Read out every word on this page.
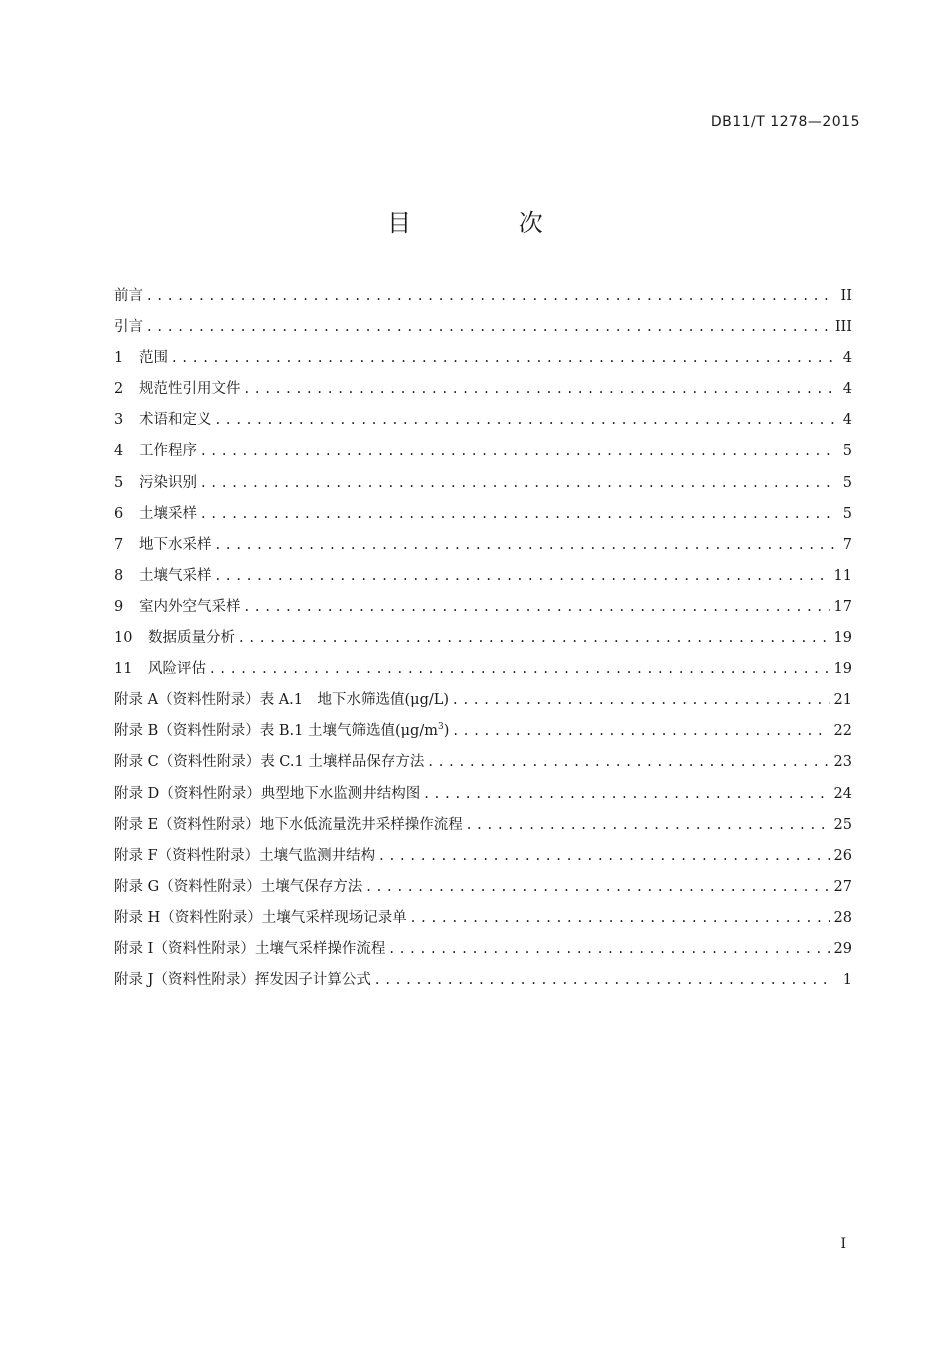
DB11/T 1278—2015
目 次
前言 . . .	II
引言 . . .	III
1	范围 . . .	4
2	规范性引用文件 . . .	4
3	术语和定义 . . .	4
4	工作程序 . . .	5
5	污染识别 . . .	5
6	土壤采样 . . .	5
7	地下水采样 . . .	7
8	土壤气采样 . . .	11
9	室内外空气采样 . . .	17
10	数据质量分析 . . .	19
11	风险评估 . . .	19
附录 A（资料性附录） 表 A.1　地下水筛选值(μg/L) . . .	21
附录 B（资料性附录） 表 B.1 土壤气筛选值$(\mu g/m^3)$ . . .	22
附录 C（资料性附录） 表 C.1 土壤样品保存方法 . . .	23
附录 D（资料性附录） 典型地下水监测井结构图 . . .	24
附录 E（资料性附录） 地下水低流量洗井采样操作流程 . . .	25
附录 F（资料性附录） 土壤气监测井结构 . . .	26
附录 G（资料性附录） 土壤气保存方法 . . .	27
附录 H（资料性附录） 土壤气采样现场记录单 . . .	28
附录 I（资料性附录） 土壤气采样操作流程 . . .	29
附录 J（资料性附录） 挥发因子计算公式 . . .	1
I
